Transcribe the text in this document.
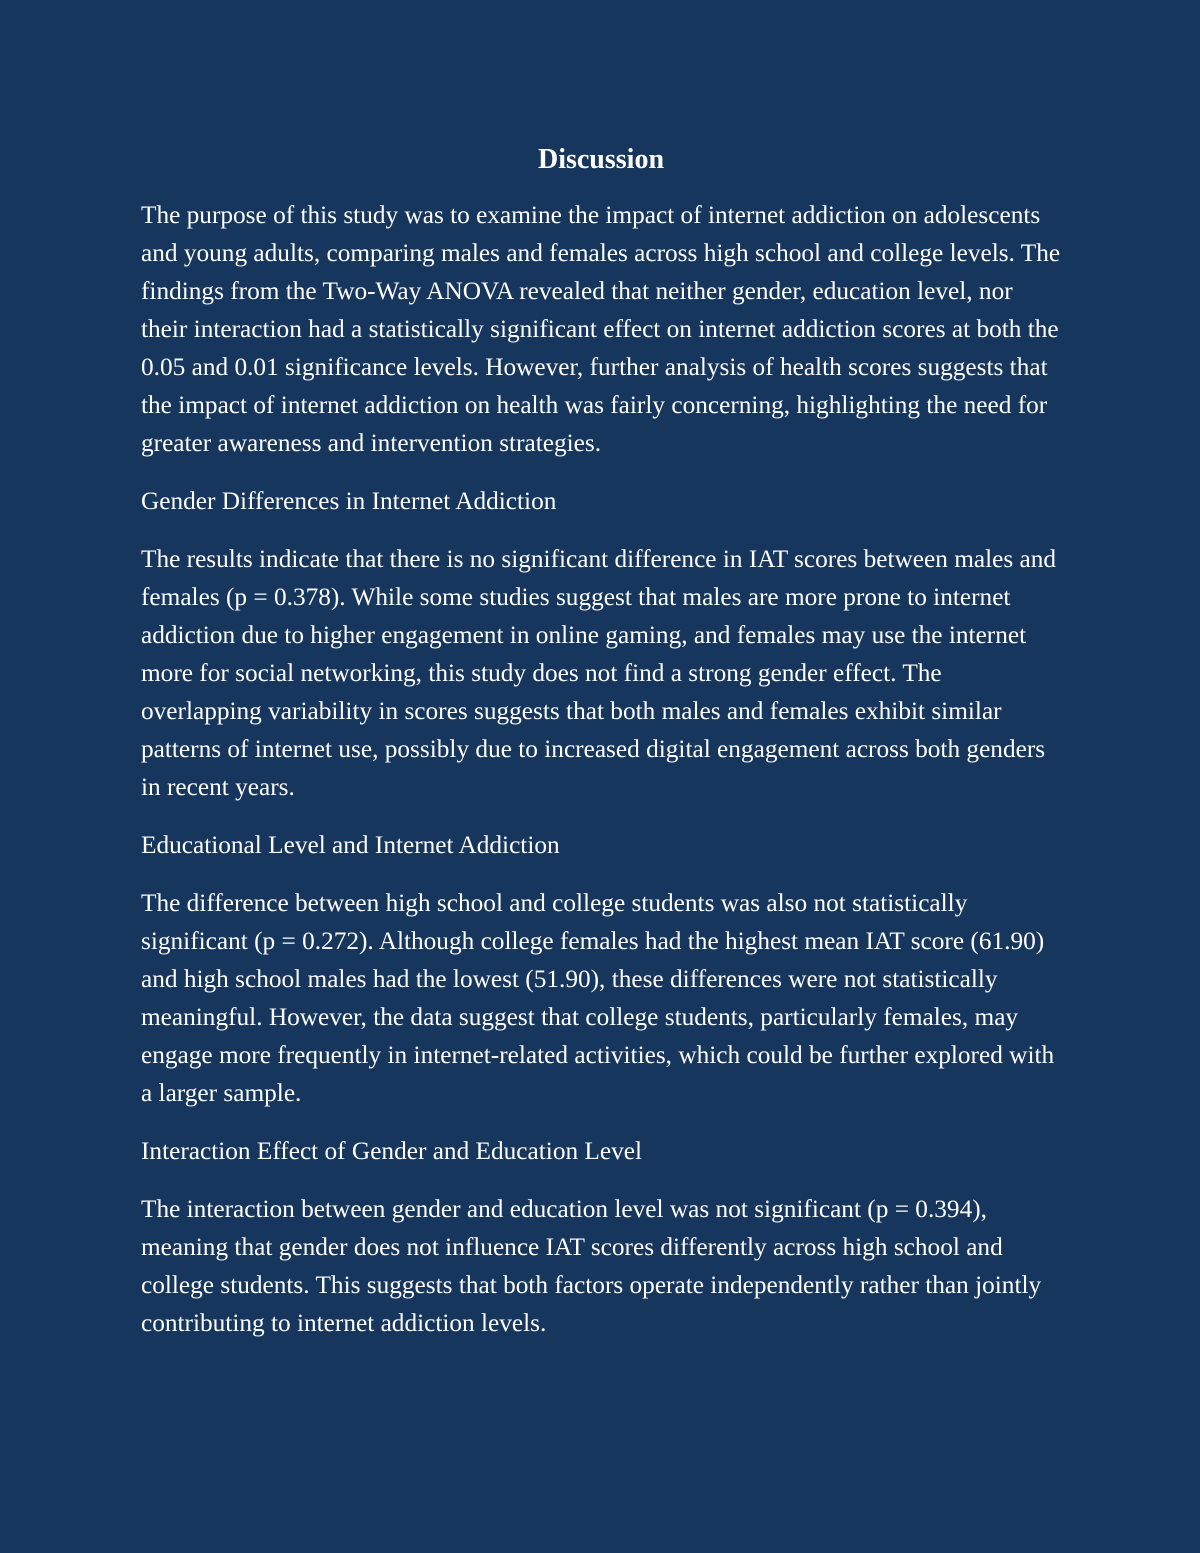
Discussion

The purpose of this study was to examine the impact of internet addiction on adolescents and young adults, comparing males and females across high school and college levels. The findings from the Two-Way ANOVA revealed that neither gender, education level, nor their interaction had a statistically significant effect on internet addiction scores at both the 0.05 and 0.01 significance levels. However, further analysis of health scores suggests that the impact of internet addiction on health was fairly concerning, highlighting the need for greater awareness and intervention strategies.

Gender Differences in Internet Addiction

The results indicate that there is no significant difference in IAT scores between males and females (p = 0.378). While some studies suggest that males are more prone to internet addiction due to higher engagement in online gaming, and females may use the internet more for social networking, this study does not find a strong gender effect. The overlapping variability in scores suggests that both males and females exhibit similar patterns of internet use, possibly due to increased digital engagement across both genders in recent years.

Educational Level and Internet Addiction

The difference between high school and college students was also not statistically significant (p = 0.272). Although college females had the highest mean IAT score (61.90) and high school males had the lowest (51.90), these differences were not statistically meaningful. However, the data suggest that college students, particularly females, may engage more frequently in internet-related activities, which could be further explored with a larger sample.

Interaction Effect of Gender and Education Level

The interaction between gender and education level was not significant (p = 0.394), meaning that gender does not influence IAT scores differently across high school and college students. This suggests that both factors operate independently rather than jointly contributing to internet addiction levels.
